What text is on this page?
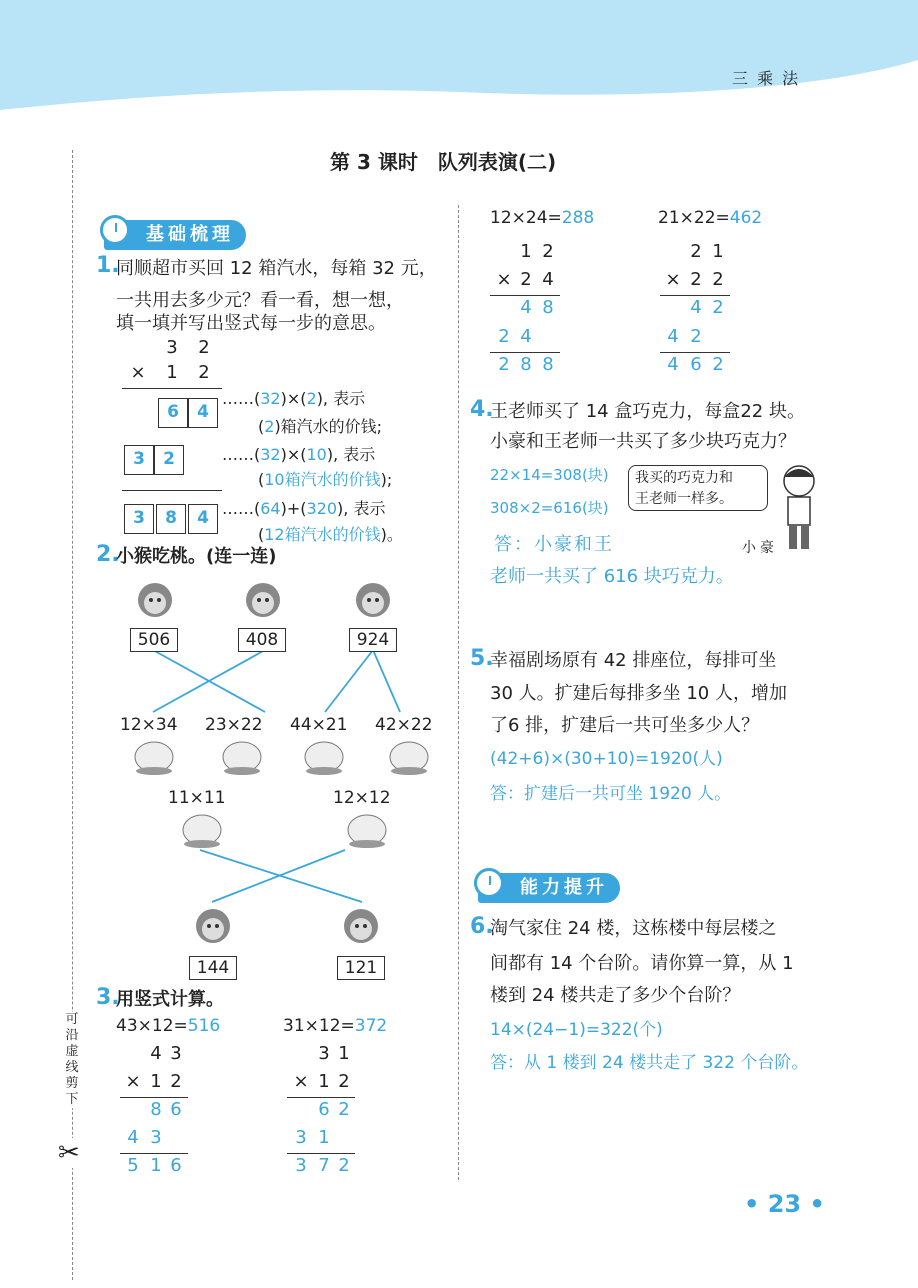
三 乘 法
第 3 课时　队列表演(二)
可
沿
虚
线
剪
下
✂
基础梳理
1.
同顺超市买回 12 箱汽水，每箱 32 元，
一共用去多少元？看一看，想一想，
填一填并写出竖式每一步的意思。
3 2
× 1 2
6	4
3	2
3	8	4
……(32)×(2), 表示
(2)箱汽水的价钱;
……(32)×(10), 表示
(10箱汽水的价钱);
……(64)+(320), 表示
(12箱汽水的价钱)。
2.
小猴吃桃。(连一连)
506	408	924
12×34 23×22 44×21 42×22
11×11	12×12
144	121
3.
用竖式计算。
43×12=516
4 3
× 1 2
8 6
4 3
5 1 6
31×12=372
3 1
× 1 2
6 2
3 1
3 7 2
12×24=288
1 2
× 2 4
4 8
2 4
2 8 8
21×22=462
2 1
× 2 2
4 2
4 2
4 6 2
4.
王老师买了 14 盒巧克力，每盒22 块。
小豪和王老师一共买了多少块巧克力？
22×14=308(块)
308×2=616(块)
我买的巧克力和
王老师一样多。
小豪
答：小豪和王
老师一共买了 616 块巧克力。
5.
幸福剧场原有 42 排座位，每排可坐
30 人。扩建后每排多坐 10 人，增加
了6 排，扩建后一共可坐多少人？
(42+6)×(30+10)=1920(人)
答：扩建后一共可坐 1920 人。
能力提升
6.
淘气家住 24 楼，这栋楼中每层楼之
间都有 14 个台阶。请你算一算，从 1
楼到 24 楼共走了多少个台阶？
14×(24−1)=322(个)
答：从 1 楼到 24 楼共走了 322 个台阶。
• 23 •
